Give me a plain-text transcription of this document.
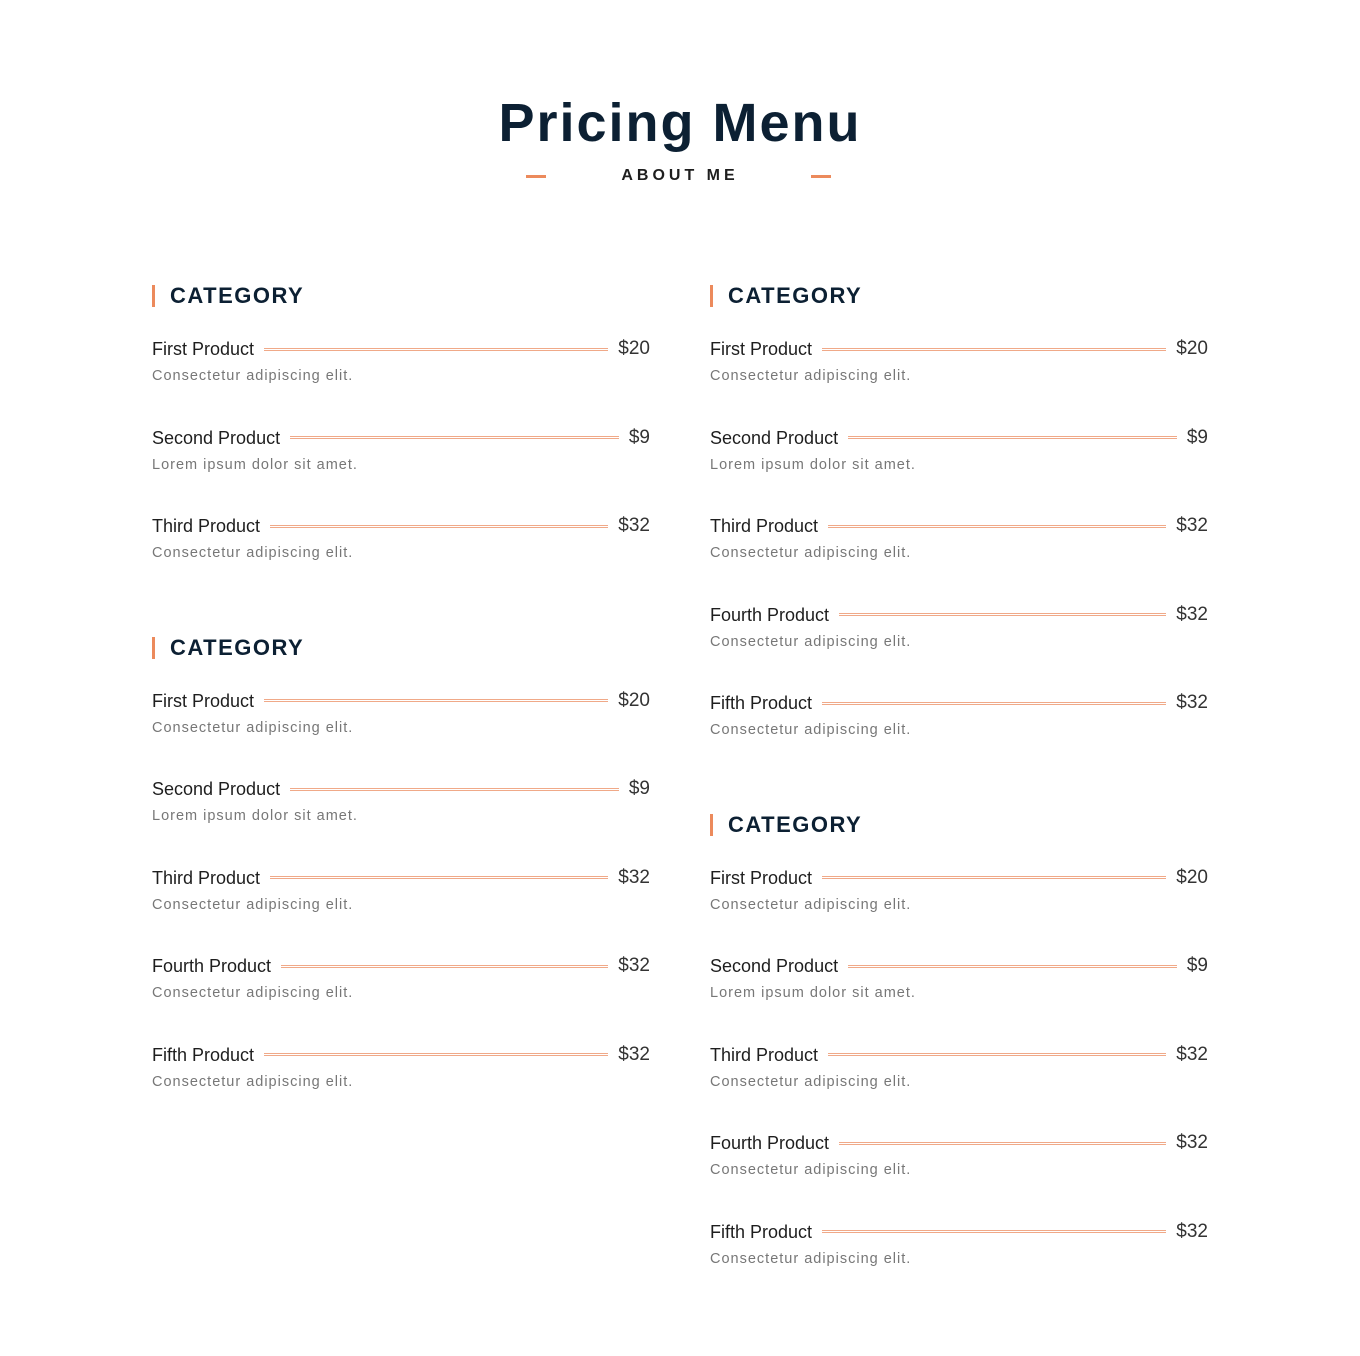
Pricing Menu
ABOUT ME
CATEGORY
First Product	$20
Consectetur adipiscing elit.
Second Product	$9
Lorem ipsum dolor sit amet.
Third Product	$32
Consectetur adipiscing elit.
CATEGORY
First Product	$20
Consectetur adipiscing elit.
Second Product	$9
Lorem ipsum dolor sit amet.
Third Product	$32
Consectetur adipiscing elit.
Fourth Product	$32
Consectetur adipiscing elit.
Fifth Product	$32
Consectetur adipiscing elit.
CATEGORY
First Product	$20
Consectetur adipiscing elit.
Second Product	$9
Lorem ipsum dolor sit amet.
Third Product	$32
Consectetur adipiscing elit.
Fourth Product	$32
Consectetur adipiscing elit.
Fifth Product	$32
Consectetur adipiscing elit.
CATEGORY
First Product	$20
Consectetur adipiscing elit.
Second Product	$9
Lorem ipsum dolor sit amet.
Third Product	$32
Consectetur adipiscing elit.
Fourth Product	$32
Consectetur adipiscing elit.
Fifth Product	$32
Consectetur adipiscing elit.
